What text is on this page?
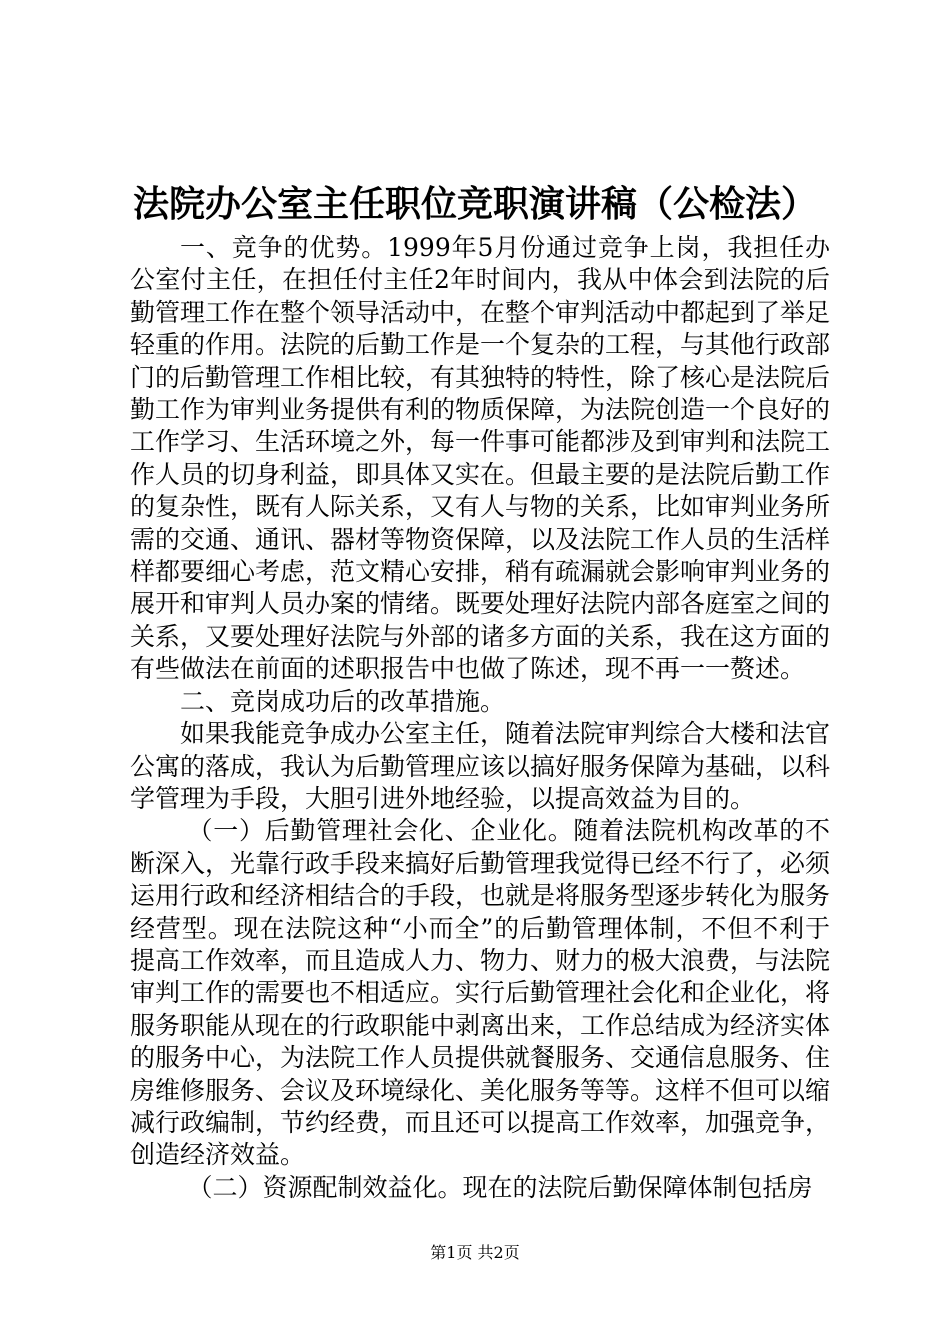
法院办公室主任职位竞职演讲稿（公检法）

一、竞争的优势。1999年5月份通过竞争上岗，我担任办公室付主任，在担任付主任2年时间内，我从中体会到法院的后勤管理工作在整个领导活动中，在整个审判活动中都起到了举足轻重的作用。法院的后勤工作是一个复杂的工程，与其他行政部门的后勤管理工作相比较，有其独特的特性，除了核心是法院后勤工作为审判业务提供有利的物质保障，为法院创造一个良好的工作学习、生活环境之外，每一件事可能都涉及到审判和法院工作人员的切身利益，即具体又实在。但最主要的是法院后勤工作的复杂性，既有人际关系，又有人与物的关系，比如审判业务所需的交通、通讯、器材等物资保障，以及法院工作人员的生活样样都要细心考虑，范文精心安排，稍有疏漏就会影响审判业务的展开和审判人员办案的情绪。既要处理好法院内部各庭室之间的关系，又要处理好法院与外部的诸多方面的关系，我在这方面的有些做法在前面的述职报告中也做了陈述，现不再一一赘述。

二、竞岗成功后的改革措施。

如果我能竞争成办公室主任，随着法院审判综合大楼和法官公寓的落成，我认为后勤管理应该以搞好服务保障为基础，以科学管理为手段，大胆引进外地经验，以提高效益为目的。

（一）后勤管理社会化、企业化。随着法院机构改革的不断深入，光靠行政手段来搞好后勤管理我觉得已经不行了，必须运用行政和经济相结合的手段，也就是将服务型逐步转化为服务经营型。现在法院这种“小而全”的后勤管理体制，不但不利于提高工作效率，而且造成人力、物力、财力的极大浪费，与法院审判工作的需要也不相适应。实行后勤管理社会化和企业化，将服务职能从现在的行政职能中剥离出来，工作总结成为经济实体的服务中心，为法院工作人员提供就餐服务、交通信息服务、住房维修服务、会议及环境绿化、美化服务等等。这样不但可以缩减行政编制，节约经费，而且还可以提高工作效率，加强竞争，创造经济效益。

（二）资源配制效益化。现在的法院后勤保障体制包括房

第1页 共2页
